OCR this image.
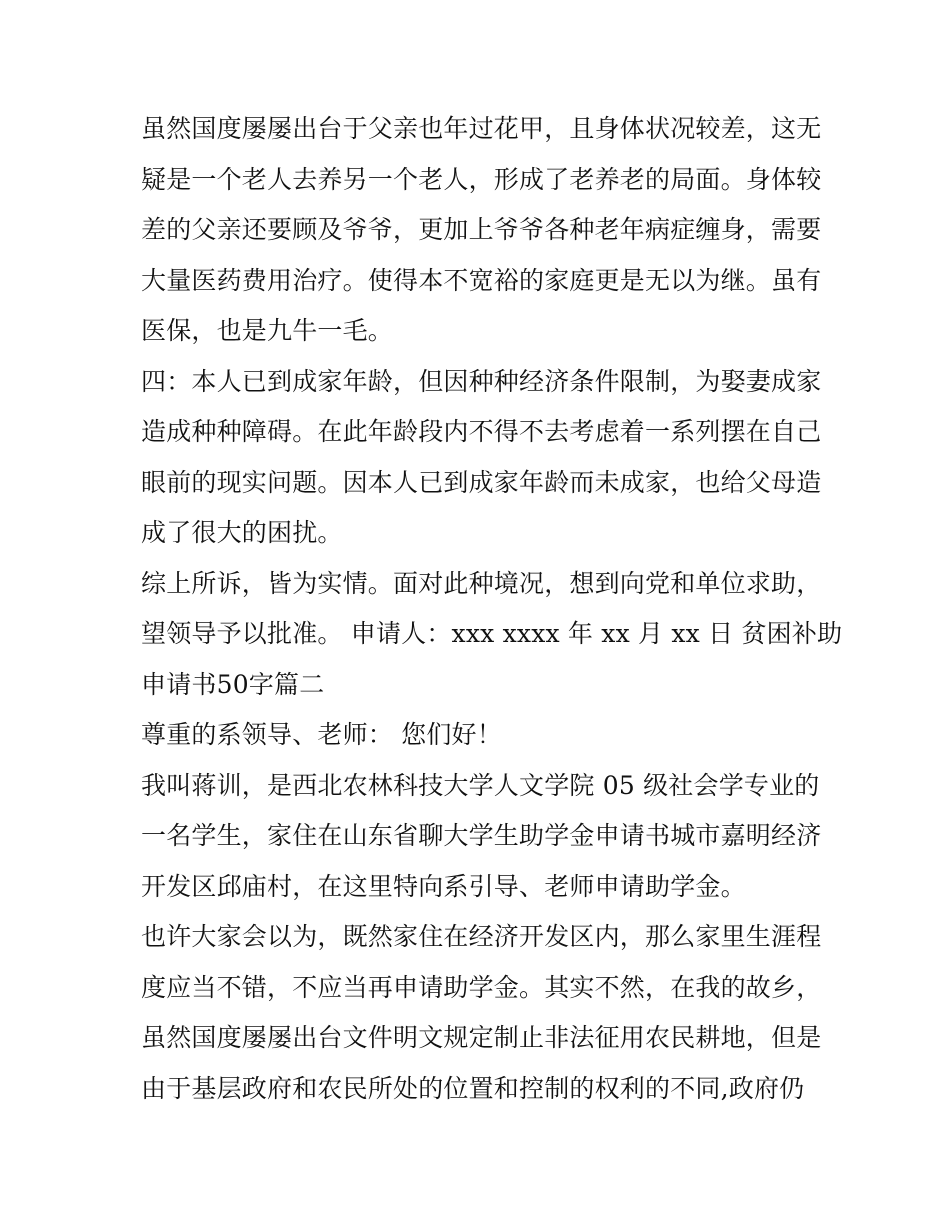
虽然国度屡屡出台于父亲也年过花甲，且身体状况较差，这无
疑是一个老人去养另一个老人，形成了老养老的局面。身体较
差的父亲还要顾及爷爷，更加上爷爷各种老年病症缠身，需要
大量医药费用治疗。使得本不宽裕的家庭更是无以为继。虽有
医保，也是九牛一毛。
四：本人已到成家年龄，但因种种经济条件限制，为娶妻成家
造成种种障碍。在此年龄段内不得不去考虑着一系列摆在自己
眼前的现实问题。因本人已到成家年龄而未成家，也给父母造
成了很大的困扰。
综上所诉，皆为实情。面对此种境况，想到向党和单位求助，
望领导予以批准。 申请人：xxx xxxx 年 xx 月 xx 日 贫困补助
申请书50字篇二
尊重的系领导、老师： 您们好！
我叫蒋训，是西北农林科技大学人文学院 05 级社会学专业的
一名学生，家住在山东省聊大学生助学金申请书城市嘉明经济
开发区邱庙村，在这里特向系引导、老师申请助学金。
也许大家会以为，既然家住在经济开发区内，那么家里生涯程
度应当不错，不应当再申请助学金。其实不然，在我的故乡，
虽然国度屡屡出台文件明文规定制止非法征用农民耕地，但是
由于基层政府和农民所处的位置和控制的权利的不同,政府仍
